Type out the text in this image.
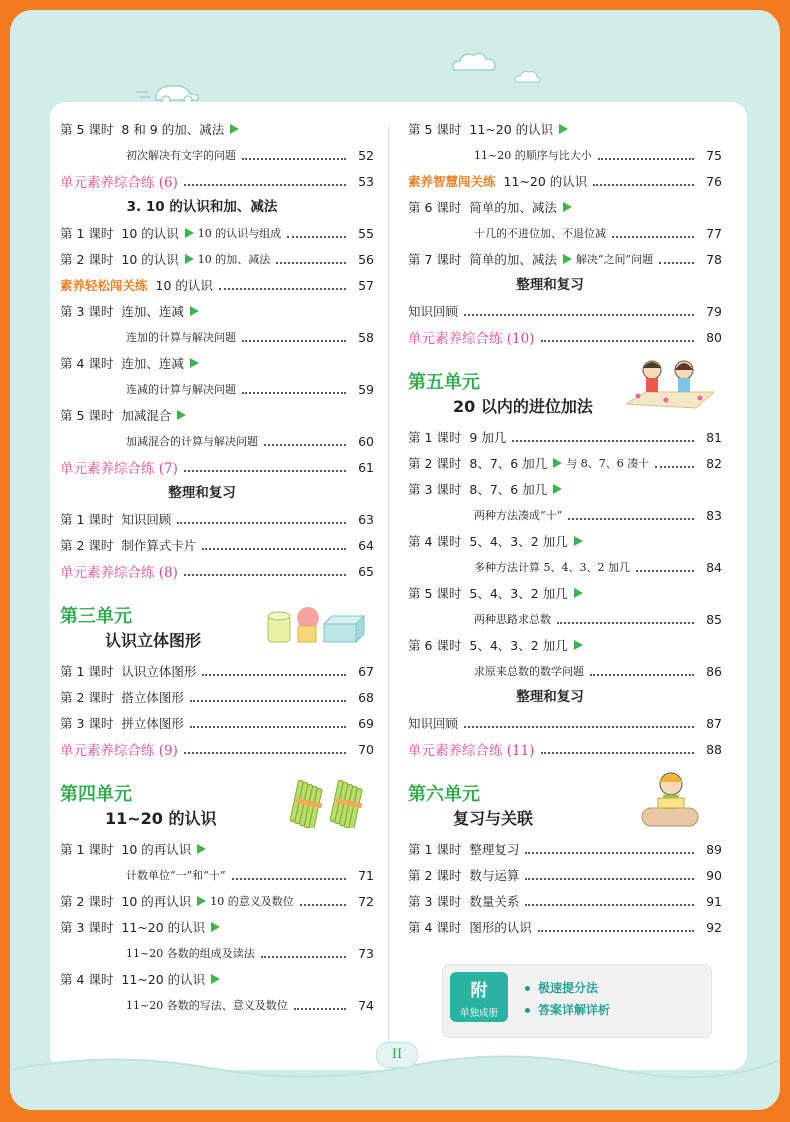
第 5 课时 8 和 9 的加、减法
初次解决有文字的问题	52
单元素养综合练 (6)	53
3. 10 的认识和加、减法
第 1 课时 10 的认识 10 的认识与组成	55
第 2 课时 10 的认识 10 的加、减法	56
素养轻松闯关练 10 的认识	57
第 3 课时 连加、连减
连加的计算与解决问题	58
第 4 课时 连加、连减
连减的计算与解决问题	59
第 5 课时 加减混合
加减混合的计算与解决问题	60
单元素养综合练 (7)	61
整理和复习
第 1 课时 知识回顾	63
第 2 课时 制作算式卡片	64
单元素养综合练 (8)	65
第三单元
认识立体图形
第 1 课时 认识立体图形	67
第 2 课时 搭立体图形	68
第 3 课时 拼立体图形	69
单元素养综合练 (9)	70
第四单元
11~20 的认识
第 1 课时 10 的再认识
计数单位“一”和“十”	71
第 2 课时 10 的再认识 10 的意义及数位	72
第 3 课时 11~20 的认识
11~20 各数的组成及读法	73
第 4 课时 11~20 的认识
11~20 各数的写法、意义及数位	74
第 5 课时 11~20 的认识
11~20 的顺序与比大小	75
素养智慧闯关练 11~20 的认识	76
第 6 课时 简单的加、减法
十几的不进位加、不退位减	77
第 7 课时 简单的加、减法 解决“之间”问题	78
整理和复习
知识回顾	79
单元素养综合练 (10)	80
第五单元
20 以内的进位加法
第 1 课时 9 加几	81
第 2 课时 8、7、6 加几 与 8、7、6 凑十	82
第 3 课时 8、7、6 加几
两种方法凑成“十”	83
第 4 课时 5、4、3、2 加几
多种方法计算 5、4、3、2 加几	84
第 5 课时 5、4、3、2 加几
两种思路求总数	85
第 6 课时 5、4、3、2 加几
求原来总数的数学问题	86
整理和复习
知识回顾	87
单元素养综合练 (11)	88
第六单元
复习与关联
第 1 课时 整理复习	89
第 2 课时 数与运算	90
第 3 课时 数量关系	91
第 4 课时 图形的认识	92
附
单独成册
极速提分法
答案详解详析
II
